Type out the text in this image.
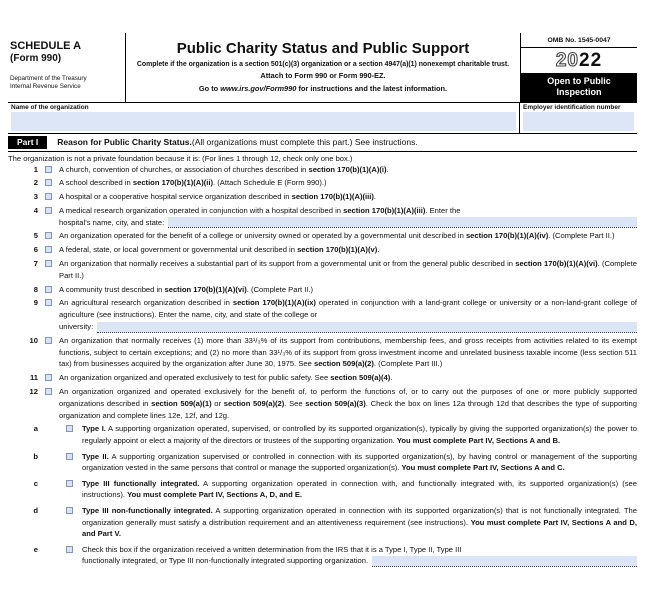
SCHEDULE A
(Form 990)
Department of the Treasury
Internal Revenue Service
Public Charity Status and Public Support
Complete if the organization is a section 501(c)(3) organization or a section 4947(a)(1) nonexempt charitable trust.
Attach to Form 990 or Form 990-EZ.
Go to www.irs.gov/Form990 for instructions and the latest information.
OMB No. 1545-0047
2022
Open to Public
Inspection
Name of the organization	Employer identification number
Part I	Reason for Public Charity Status. (All organizations must complete this part.) See instructions.
The organization is not a private foundation because it is: (For lines 1 through 12, check only one box.)
1	A church, convention of churches, or association of churches described in section 170(b)(1)(A)(i).
2	A school described in section 170(b)(1)(A)(ii). (Attach Schedule E (Form 990).)
3	A hospital or a cooperative hospital service organization described in section 170(b)(1)(A)(iii).
4	A medical research organization operated in conjunction with a hospital described in section 170(b)(1)(A)(iii). Enter the
hospital’s name, city, and state:
5	An organization operated for the benefit of a college or university owned or operated by a governmental unit described in section 170(b)(1)(A)(iv). (Complete Part II.)
6	A federal, state, or local government or governmental unit described in section 170(b)(1)(A)(v).
7	An organization that normally receives a substantial part of its support from a governmental unit or from the general public described in section 170(b)(1)(A)(vi). (Complete Part II.)
8	A community trust described in section 170(b)(1)(A)(vi). (Complete Part II.)
9	An agricultural research organization described in section 170(b)(1)(A)(ix) operated in conjunction with a land-grant college or university or a non-land-grant college of agriculture (see instructions). Enter the name, city, and state of the college or
university:
10	An organization that normally receives (1) more than 33¹/₃% of its support from contributions, membership fees, and gross receipts from activities related to its exempt functions, subject to certain exceptions; and (2) no more than 33¹/₃% of its support from gross investment income and unrelated business taxable income (less section 511 tax) from businesses acquired by the organization after June 30, 1975. See section 509(a)(2). (Complete Part III.)
11	An organization organized and operated exclusively to test for public safety. See section 509(a)(4).
12	An organization organized and operated exclusively for the benefit of, to perform the functions of, or to carry out the purposes of one or more publicly supported organizations described in section 509(a)(1) or section 509(a)(2). See section 509(a)(3). Check the box on lines 12a through 12d that describes the type of supporting organization and complete lines 12e, 12f, and 12g.
a	Type I. A supporting organization operated, supervised, or controlled by its supported organization(s), typically by giving the supported organization(s) the power to regularly appoint or elect a majority of the directors or trustees of the supporting organization. You must complete Part IV, Sections A and B.
b	Type II. A supporting organization supervised or controlled in connection with its supported organization(s), by having control or management of the supporting organization vested in the same persons that control or manage the supported organization(s). You must complete Part IV, Sections A and C.
c	Type III functionally integrated. A supporting organization operated in connection with, and functionally integrated with, its supported organization(s) (see instructions). You must complete Part IV, Sections A, D, and E.
d	Type III non-functionally integrated. A supporting organization operated in connection with its supported organization(s) that is not functionally integrated. The organization generally must satisfy a distribution requirement and an attentiveness requirement (see instructions). You must complete Part IV, Sections A and D, and Part V.
e	Check this box if the organization received a written determination from the IRS that it is a Type I, Type II, Type III
functionally integrated, or Type III non-functionally integrated supporting organization.
